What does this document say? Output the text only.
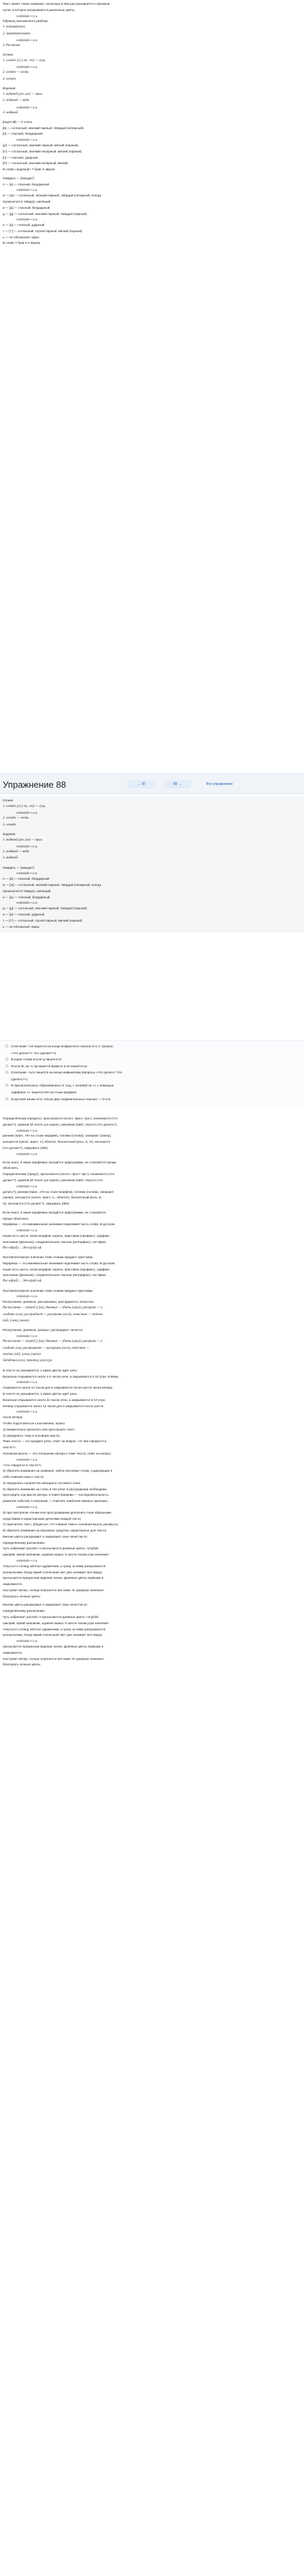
Текст имеет такое название, поскольку в нём рассказывается о времени

суток, в которое раскрываются различные цветы.

reshebnik++1.ru

Образец письменного разбора

1. ночная(ночь)

2. заинтересовать

reshebnik++1.ru

3. Растение

Огонёк

1. огонёк [г] (-ок, -ек) — сущ.

reshebnik++1.ru

2. огонёк — огонь

3. огонёк

Водяная

1. водяной (ую, ые) — прил.

2. водяной — вода

reshebnik++1.ru

3. водяной

[вад'н'ой] — 2 слога.

[в] — согласный, звонкий парный, твёрдый (непарный).

[а] — гласный, безударный.

reshebnik++1.ru

[д'] — согласный, звонкий парный, мягкий (парный).

[н'] — согласный, звонкий непарный, мягкий (парный).

[о] — гласный, ударный.

[й'] — согласный, звонкий непарный, мягкий.

В слове «водяной» 7 букв, 6 звуков.

Ожидать — [ажыдат']

о — [а] — гласный, безударный

reshebnik++1.ru

ж — [ж] — согласный, звонкий парный, твёрдый (непарный, всегда

произносится твёрдо), шипящий

и — [ы] — гласный, безударный

д — [д] — согласный, звонкий парный, твёрдый (парный)

reshebnik++1.ru

а — [а] — гласный, ударный

т — [т'] — согласный, глухой парный, мягкий (парный)

ь — не обозначает звука

В слове 7 букв и 6 звуков.

Упражнение 88	← 87	89 →	Все упражнения

Огонёк

1. огонёк [г] (-ок, -ек) — сущ.

reshebnik++1.ru

2. огонёк — огонь

3. огонёк

Водяная

1. водяной (ую, ые) — прил.

reshebnik++1.ru

2. водяной — вода

3. водяной

Ожидать — [ажыдат']

reshebnik++1.ru

о — [а] — гласный, безударный

ж — [ж] — согласный, звонкий парный, твёрдый (непарный, всегда

произносится твёрдо), шипящий

и — [ы] — гласный, безударный

reshebnik++1.ru

д — [д] — согласный, звонкий парный, твёрдый (парный)

а — [а] — гласный, ударный

т — [т'] — согласный, глухой парный, мягкий (парный)

ь — не обозначает звука

☐ Сочетание -тся пишется на конце возвратного глагола 3-го л. (вопрос:

«Что делает?» Что сделает?»).

☐ В корне слова после Ц пишется И.

☐ После Ж, Ш, Ч, Щ пишется Буква И и не пишется Ы.

☐ Сочетание -ться пишется на конце инфинитива (вопросы «Что делать? Что

сделать?»).

☐ В прилагательных, образованных от сущ. с основой на -н, с помощью

суффикса -н- пишется НН на стыке морфем.

☐ В русском языке есть только два соединительных гласных — О и Е.

Определённому (предлог), просыпаются (нескл. прист. про-), начинаются (что

делает?), шумной (И после Ц в корне), шиповник (ШИ), тянутся (что делать?),

reshebnik++1.ru

ранним (прил., НН на стыке морфем), головки (голова), запирают (запер),

кончаются (нескл. прист. о-) облетит, белоночный (кось, Е, О), кончаются

(что делает?), закрывать (ЖИ).

reshebnik++1.ru

Если знать, в каких морфемах находятся орфограммы, их становится проще

объяснить.

Определённому (предл), просыпаются (нескл. прист. про-), начинаются (что

делает?), шумной (И после Ц в корне), шиповник (ШИ), тянутся (что

reshebnik++1.ru

делать?), ранним (прил., НН на стыке морфем), головки (голова), запирают

(запер), кончаются (нескл. прист. о-, облетит), белоночный (кось, Е,

О), кончаются (что делает?), закрывать (ЖИ).

Если знать, в каких морфемах находятся орфограммы, их становится

проще объяснить.

Морфема — это минимальная значимая неделимая часть слова. В русском

reshebnik++1.ru

языке есть шесть типов морфем: корень, приставка (префикс), суффикс,

окончание (флексия), соединительная гласная (интерфикс), постфикс.

Рос-ий(ий) ... Эт-ы(ий) ый

Противоположное значение этим словам придают приставки.

Морфема — это минимальная значимая неделимая часть слова. В русском

языке есть шесть типов морфем: корень, приставка (префикс), суффикс,

окончание (флексия), соединительная гласная (интерфикс), постфикс.

Рос-ий(ий) ... Эт-ы(ий) ый

Противоположное значение этим словам придают приставки.

reshebnik++1.ru

Распускание, дневные, расскрывают, распадаются, ленистые.

Распускание — (перед [c]ш), дневные — (бить (кры)), раскрыт — о

сходить (гла), распрадают — раскрыть (аг/а), ленистые — зелёное

(ой), (лом), (маги).

Распускание, дневные, раскрыт, распрадают, лепесты.

reshebnik++1.ru

Распускание — (перед [c]ш), дневные — (бить (кры)), раскрыт — о

сходить (ла), раскрывают — раскрыть (аг/а), лепестки —

зелёное (ой), (лом), (маги).

Звёздочки (сло), трав(ы), ра(сх)ул

В тексте не указывается, о каких цветах идёт речь.

Васильки открываются около 4-х часов ночи, а закрываются в 10 утра. Клевер

reshebnik++1.ru

открывается около 12 часов дня и закрывается после шести часов вечера.

В тексте не указывается, о каких цветах идёт речь.

Васильки открываются около 4х часов ночи, а закрываются в 10 утра.

Клевер открывается около 12 часов дня и закрывается после шести

reshebnik++1.ru

часов вечера.

Чтобы подготовиться к изложению, нужно:

1) внимательно прочитать или прослушать текст;

2) определить тему и основную мысль;

Тема текста — это предмет речи, ответ на вопрос: «О чём говорится в

тексте?».

Основная мысль — это отношение автора к теме текста, ответ на вопрос:

reshebnik++1.ru

«Что говорится в тексте?».

3) обратить внимание на название, найти ключевые слова, содержащие в

себе главный смысл текста;

4) определить количество абзацев и составить план;

5) обратить внимание на стиль и тип речи: в рассуждении необходимо

проследить ход мысли автора, в повествовании — последовательность

развития событий, в описании — отметить наиболее важные признаки;

reshebnik++1.ru

6) при повторном чтении или прослушивании дополнить план образными

средствами и характерными деталями каждой части;

7) перечитать текст, убедиться, что главная тема и основная мысль раскрыты;

8) обратить внимание на языковые средства, характерные для текста.

Многие цветы раскрывают и закрывают свои лепестки по

определённому расписанию.

Чуть забрезжит рассвет, и просыпаются дневные цветы: голубой

цикорий, яркий шиповник, шумная кашка. К шести часам утра начинают

reshebnik++1.ru

тянуться к солнцу жёлтые одуванчики, а сразу за ними раскрываются

колокольчики. Когда яркий солнечный свет уже заливает всё вокруг,

просыпается прекрасная водяная лилия. Дневные цветы первыми и

закрываются.

Наступает вечер, солнце опускается всё ниже. В сумерках начинают

благоухать ночные цветы.

Многие цветы раскрывают и закрывают свои лепестки по

определённому расписанию.

Чуть забрезжит рассвет, и просыпаются дневные цветы: голубой

цикорий, яркий шиповник, шумная кашка. К шести часам утра начинают

тянуться к солнцу жёлтые одуванчики, а сразу за ними раскрываются

колокольчики. Когда яркий солнечный свет уже заливает всё вокруг,

reshebnik++1.ru

просыпается прекрасная водяная лилия. Дневные цветы первыми и

закрываются.

Наступает вечер, солнце опускается всё ниже. В сумерках начинают

благоухать ночные цветы.
